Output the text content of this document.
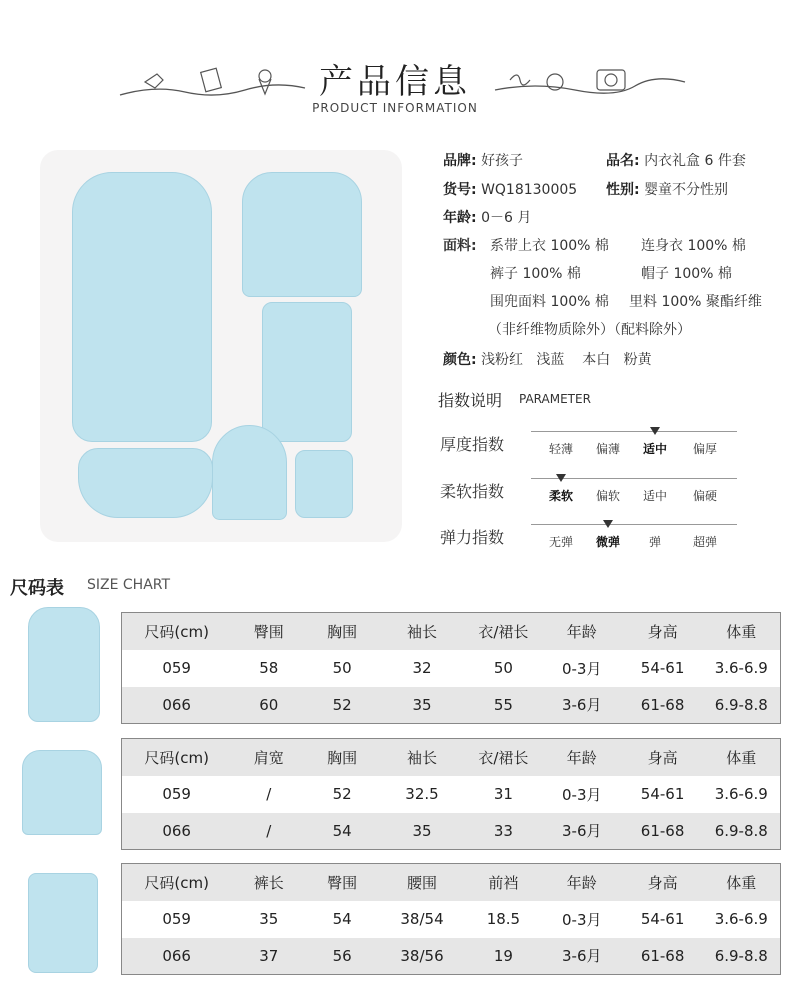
产品信息
PRODUCT INFORMATION
品牌: 好孩子	品名: 内衣礼盒 6 件套
货号: WQ18130005 性别: 婴童不分性别
年龄: 0－6 月
面料: 系带上衣 100% 棉 连身衣 100% 棉
裤子 100% 棉	帽子 100% 棉
围兜面料 100% 棉 里料 100% 聚酯纤维
（非纤维物质除外）（配料除外）
颜色: 浅粉红   浅蓝    本白   粉黄
指数说明 PARAMETER
厚度指数	轻薄	偏薄	适中	偏厚
柔软指数	柔软	偏软	适中	偏硬
弹力指数	无弹	微弹	弹	超弹
尺码表 SIZE CHART
尺码(cm)	臀围	胸围	袖长	衣/裙长	年龄	身高	体重
059	58	50	32	50	0-3月	54-61	3.6-6.9
066	60	52	35	55	3-6月	61-68	6.9-8.8
尺码(cm)	肩宽	胸围	袖长	衣/裙长	年龄	身高	体重
059	/	52	32.5	31	0-3月	54-61	3.6-6.9
066	/	54	35	33	3-6月	61-68	6.9-8.8
尺码(cm)	裤长	臀围	腰围	前裆	年龄	身高	体重
059	35	54	38/54	18.5	0-3月	54-61	3.6-6.9
066	37	56	38/56	19	3-6月	61-68	6.9-8.8
